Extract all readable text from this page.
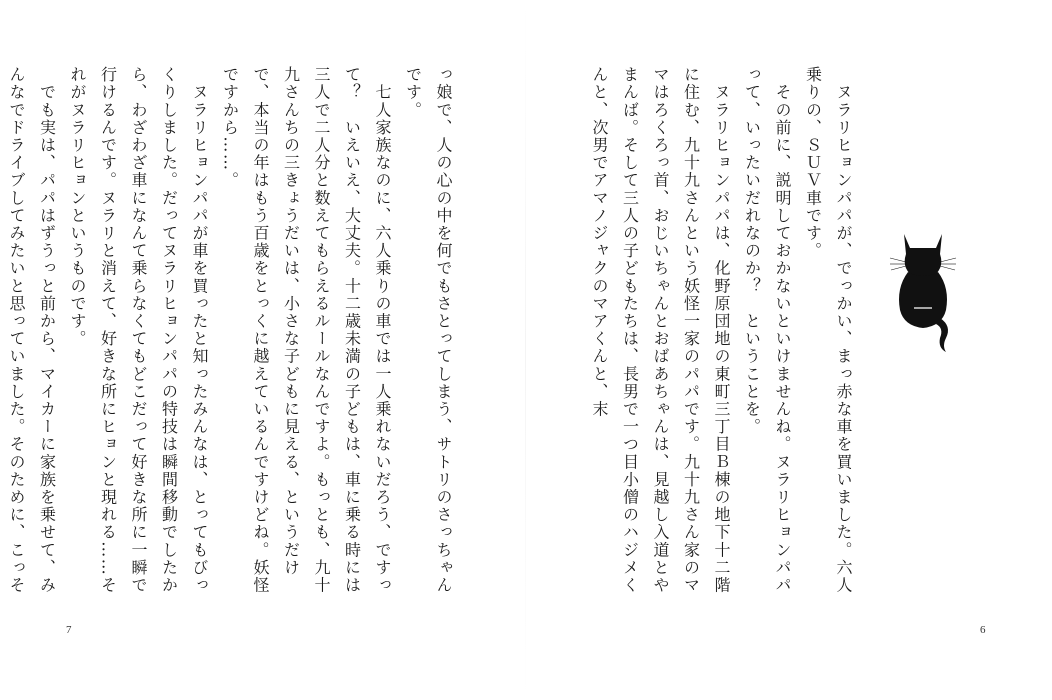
っ娘で、人の心の中を何でもさとってしまう、サトリのさっちゃんです。

　七人家族なのに、六人乗りの車では一人乗れないだろう、ですって？　いえいえ、大丈夫。十二歳未満の子どもは、車に乗る時には三人で二人分と数えてもらえるルールなんですよ。もっとも、九十九さんちの三きょうだいは、小さな子どもに見える、というだけで、本当の年はもう百歳をとっくに越えているんですけどね。妖怪ですから……。

　ヌラリヒョンパパが車を買ったと知ったみんなは、とってもびっくりしました。だってヌラリヒョンパパの特技は瞬間移動でしたから、わざわざ車になんて乗らなくてもどこだって好きな所に一瞬で行けるんです。ヌラリと消えて、好きな所にヒョンと現れる……それがヌラリヒョンというものです。

　でも実は、パパはずうっと前から、マイカーに家族を乗せて、みんなでドライブしてみたいと思っていました。そのために、こっそ

7

　ヌラリヒョンパパが、でっかい、まっ赤な車を買いました。六人乗りの、ＳＵＶ車です。

　その前に、説明しておかないといけませんね。ヌラリヒョンパパって、いったいだれなのか？　ということを。

　ヌラリヒョンパパは、化野原団地の東町三丁目Ｂ棟の地下十二階に住む、九十九さんという妖怪一家のパパです。九十九さん家のママはろくろっ首、おじいちゃんとおばあちゃんは、見越し入道とやまんば。そして三人の子どもたちは、長男で一つ目小僧のハジメくんと、次男でアマノジャクのマアくんと、末

6
